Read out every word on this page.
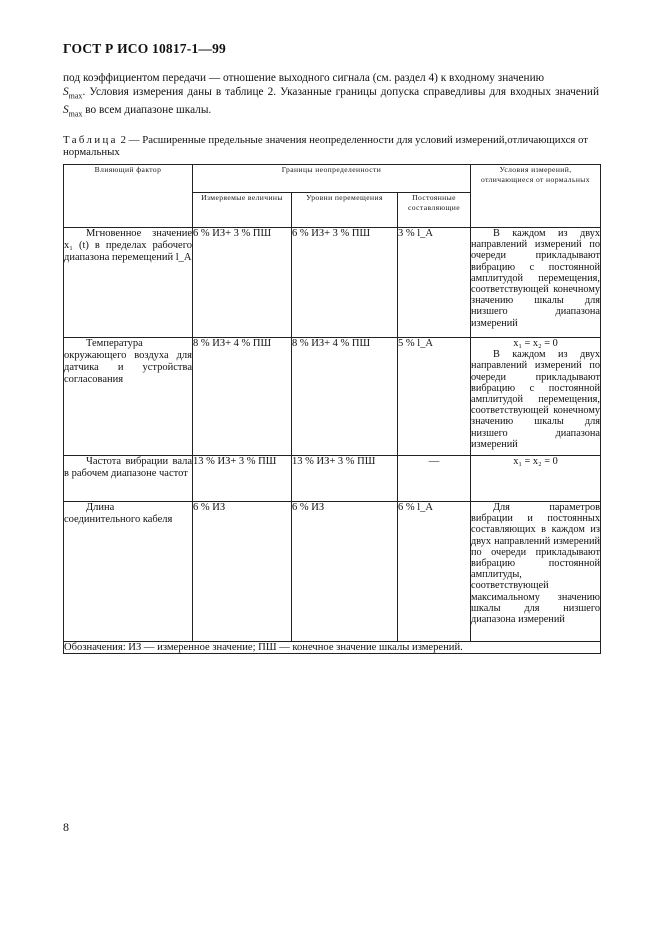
ГОСТ Р ИСО 10817-1—99

под коэффициентом передачи — отношение выходного сигнала (см. раздел 4) к входному значению

$S_{max}$. Условия измерения даны в таблице 2. Указанные границы допуска справедливы для входных значений $S_{max}$ во всем диапазоне шкалы.

Таблица 2 — Расширенные предельные значения неопределенности для условий измерений,отличающихся от нормальных
Влияющий фактор	Границы неопределенности			Условия измерений, отличающиеся от нормальных
	Измеряемые величины	Уровни перемещения	Постоянные составляющие	

Мгновенное значение x₁ (t) в пределах рабочего диапазона перемещений l_A	6 % ИЗ+ 3 % ПШ	6 % ИЗ+ 3 % ПШ	3 % l_A	В каждом из двух направлений измерений по очереди прикладывают вибрацию с постоянной амплитудой перемещения, соответствующей конечному значению шкалы для низшего диапазона измерений

Температура окружающего воздуха для датчика и устройства согласования	8 % ИЗ+ 4 % ПШ	8 % ИЗ+ 4 % ПШ	5 % l_A	x₁ = x₂ = 0
В каждом из двух направлений измерений по очереди прикладывают вибрацию с постоянной амплитудой перемещения, соответствующей конечному значению шкалы для низшего диапазона измерений

Частота вибрации вала в рабочем диапазоне частот	13 % ИЗ+ 3 % ПШ	13 % ИЗ+ 3 % ПШ	—	x₁ = x₂ = 0

Длина соединительного кабеля	6 % ИЗ	6 % ИЗ	6 % l_A	Для параметров вибрации и постоянных составляющих в каждом из двух направлений измерений по очереди прикладывают вибрацию постоянной амплитуды, соответствующей максимальному значению шкалы для низшего диапазона измерений

Обозначения: ИЗ — измеренное значение; ПШ — конечное значение шкалы измерений.				
8
